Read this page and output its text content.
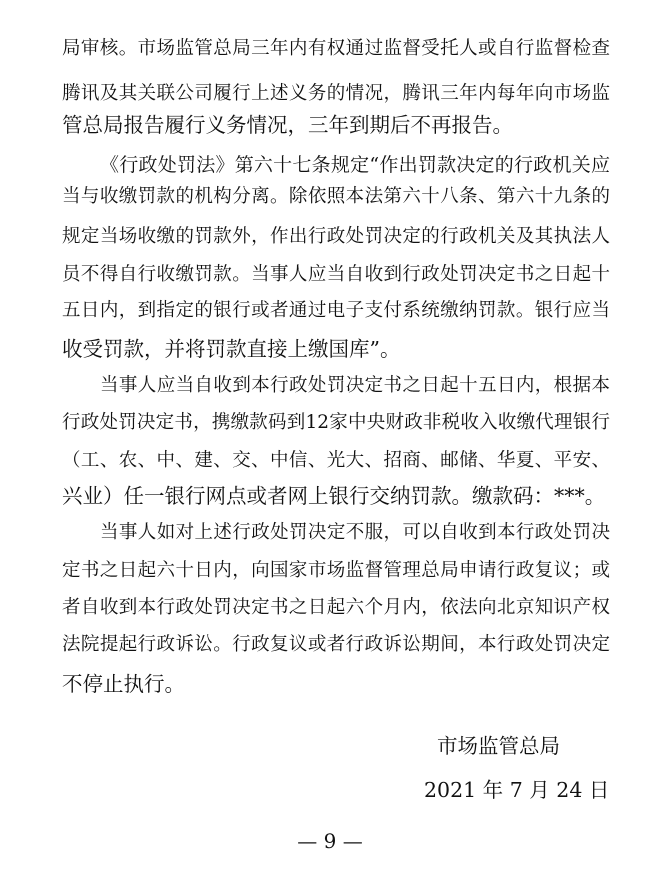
局审核。市场监管总局三年内有权通过监督受托人或自行监督检查
腾讯及其关联公司履行上述义务的情况，腾讯三年内每年向市场监
管总局报告履行义务情况，三年到期后不再报告。
《行政处罚法》第六十七条规定“作出罚款决定的行政机关应
当与收缴罚款的机构分离。除依照本法第六十八条、第六十九条的
规定当场收缴的罚款外，作出行政处罚决定的行政机关及其执法人
员不得自行收缴罚款。当事人应当自收到行政处罚决定书之日起十
五日内，到指定的银行或者通过电子支付系统缴纳罚款。银行应当
收受罚款，并将罚款直接上缴国库”。
当事人应当自收到本行政处罚决定书之日起十五日内，根据本
行政处罚决定书，携缴款码到12家中央财政非税收入收缴代理银行
（工、农、中、建、交、中信、光大、招商、邮储、华夏、平安、
兴业）任一银行网点或者网上银行交纳罚款。缴款码：***。
当事人如对上述行政处罚决定不服，可以自收到本行政处罚决
定书之日起六十日内，向国家市场监督管理总局申请行政复议；或
者自收到本行政处罚决定书之日起六个月内，依法向北京知识产权
法院提起行政诉讼。行政复议或者行政诉讼期间，本行政处罚决定
不停止执行。
市场监管总局
2021 年 7 月 24 日
— 9 —
